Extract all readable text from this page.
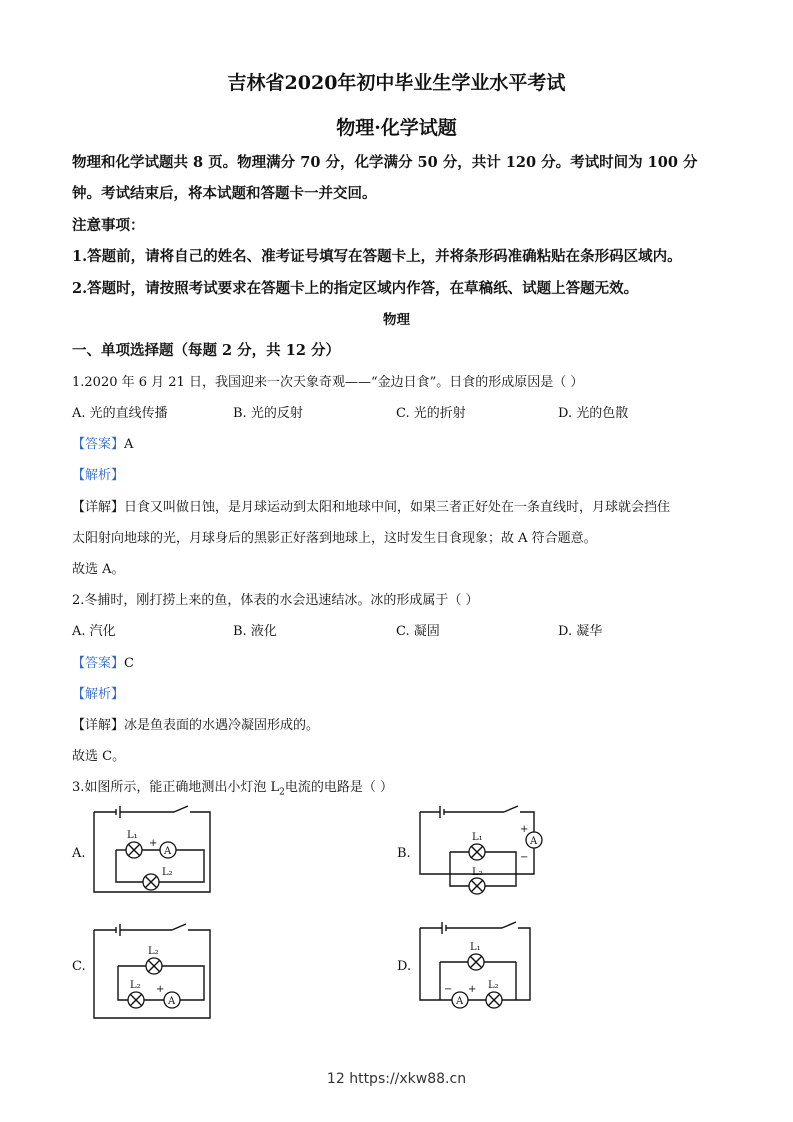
吉林省2020年初中毕业生学业水平考试
物理·化学试题
物理和化学试题共 8 页。物理满分 70 分，化学满分 50 分，共计 120 分。考试时间为 100 分
钟。考试结束后，将本试题和答题卡一并交回。
注意事项：
1.答题前，请将自己的姓名、准考证号填写在答题卡上，并将条形码准确粘贴在条形码区域内。
2.答题时，请按照考试要求在答题卡上的指定区域内作答，在草稿纸、试题上答题无效。
物理
一、单项选择题（每题 2 分，共 12 分）
1.2020 年 6 月 21 日，我国迎来一次天象奇观——“金边日食”。日食的形成原因是（ ）
A. 光的直线传播	B. 光的反射	C. 光的折射	D. 光的色散
【答案】A
【解析】
【详解】日食又叫做日蚀，是月球运动到太阳和地球中间，如果三者正好处在一条直线时，月球就会挡住
太阳射向地球的光，月球身后的黑影正好落到地球上，这时发生日食现象；故 A 符合题意。
故选 A。
2.冬捕时，刚打捞上来的鱼，体表的水会迅速结冰。冰的形成属于（ ）
A. 汽化	B. 液化	C. 凝固	D. 凝华
【答案】C
【解析】
【详解】冰是鱼表面的水遇冷凝固形成的。
故选 C。
3.如图所示，能正确地测出小灯泡 $L_2$电流的电路是（ ）
A.	B.
C.	D.
L₁
A
+
L₂
L₁
L₂
A
+
−
L₂
L₂
A
+
L₁
A
− + L₂
12 https://xkw88.cn
